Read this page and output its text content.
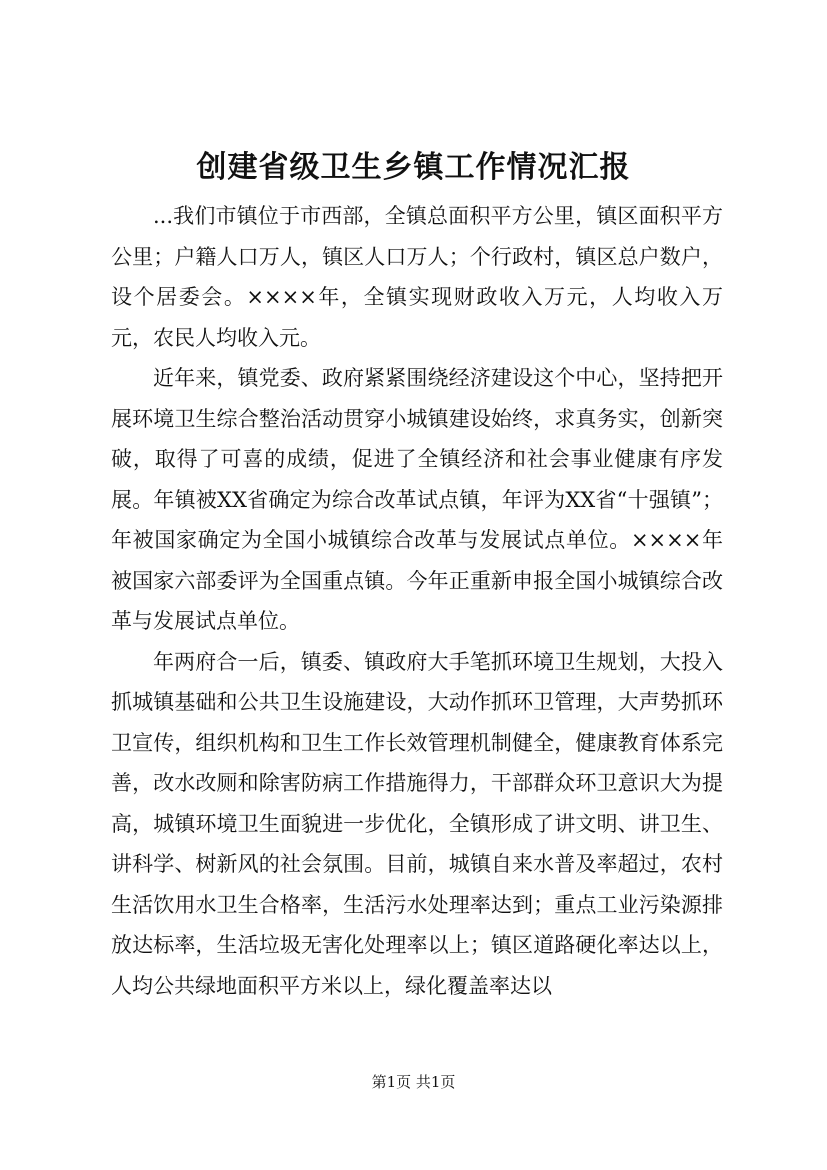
创建省级卫生乡镇工作情况汇报

...我们市镇位于市西部，全镇总面积平方公里，镇区面积平方公里；户籍人口万人，镇区人口万人；个行政村，镇区总户数户，设个居委会。××××年，全镇实现财政收入万元，人均收入万元，农民人均收入元。

近年来，镇党委、政府紧紧围绕经济建设这个中心，坚持把开展环境卫生综合整治活动贯穿小城镇建设始终，求真务实，创新突破，取得了可喜的成绩，促进了全镇经济和社会事业健康有序发展。年镇被XX省确定为综合改革试点镇，年评为XX省“十强镇”；年被国家确定为全国小城镇综合改革与发展试点单位。××××年被国家六部委评为全国重点镇。今年正重新申报全国小城镇综合改革与发展试点单位。

年两府合一后，镇委、镇政府大手笔抓环境卫生规划，大投入抓城镇基础和公共卫生设施建设，大动作抓环卫管理，大声势抓环卫宣传，组织机构和卫生工作长效管理机制健全，健康教育体系完善，改水改厕和除害防病工作措施得力，干部群众环卫意识大为提高，城镇环境卫生面貌进一步优化，全镇形成了讲文明、讲卫生、讲科学、树新风的社会氛围。目前，城镇自来水普及率超过，农村生活饮用水卫生合格率，生活污水处理率达到；重点工业污染源排放达标率，生活垃圾无害化处理率以上；镇区道路硬化率达以上，人均公共绿地面积平方米以上，绿化覆盖率达以

第1页 共1页
